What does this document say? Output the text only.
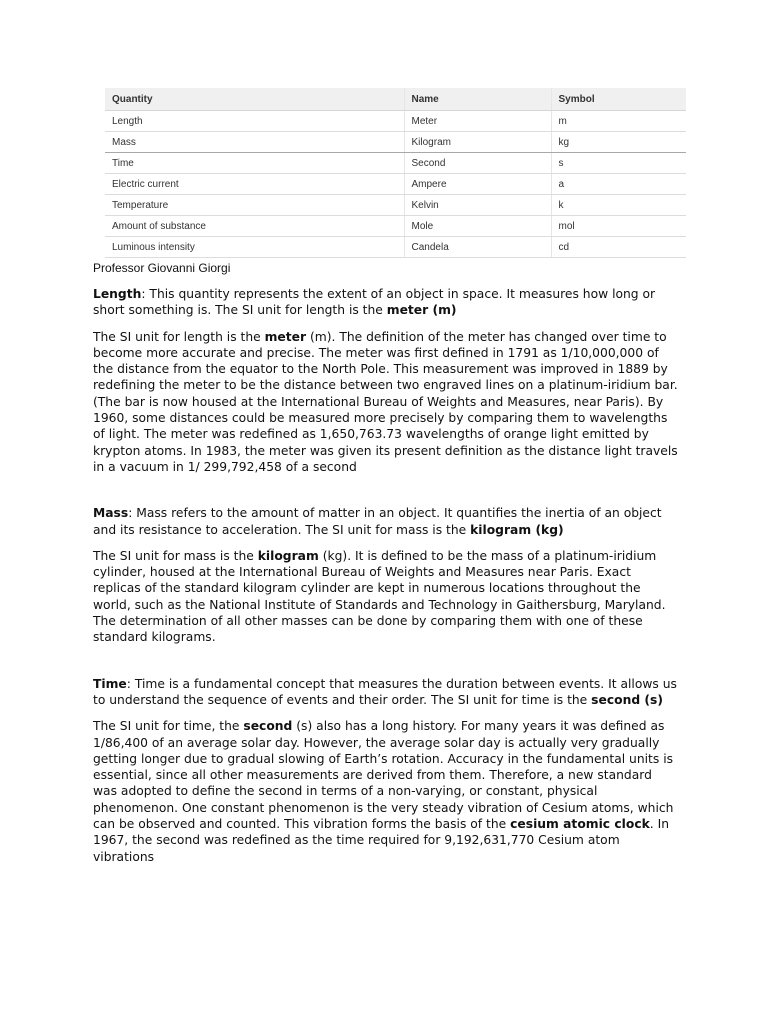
Quantity	Name	Symbol
Length	Meter	m
Mass	Kilogram	kg
Time	Second	s
Electric current	Ampere	a
Temperature	Kelvin	k
Amount of substance	Mole	mol
Luminous intensity	Candela	cd
Professor Giovanni Giorgi

Length: This quantity represents the extent of an object in space. It measures how long or short something is. The SI unit for length is the meter (m)

The SI unit for length is the meter (m). The definition of the meter has changed over time to become more accurate and precise. The meter was first defined in 1791 as 1/10,000,000 of the distance from the equator to the North Pole. This measurement was improved in 1889 by redefining the meter to be the distance between two engraved lines on a platinum-iridium bar. (The bar is now housed at the International Bureau of Weights and Measures, near Paris). By 1960, some distances could be measured more precisely by comparing them to wavelengths of light. The meter was redefined as 1,650,763.73 wavelengths of orange light emitted by krypton atoms. In 1983, the meter was given its present definition as the distance light travels in a vacuum in 1/ 299,792,458 of a second

Mass: Mass refers to the amount of matter in an object. It quantifies the inertia of an object and its resistance to acceleration. The SI unit for mass is the kilogram (kg)

The SI unit for mass is the kilogram (kg). It is defined to be the mass of a platinum-iridium cylinder, housed at the International Bureau of Weights and Measures near Paris. Exact replicas of the standard kilogram cylinder are kept in numerous locations throughout the world, such as the National Institute of Standards and Technology in Gaithersburg, Maryland. The determination of all other masses can be done by comparing them with one of these standard kilograms.

Time: Time is a fundamental concept that measures the duration between events. It allows us to understand the sequence of events and their order. The SI unit for time is the second (s)

The SI unit for time, the second (s) also has a long history. For many years it was defined as 1/86,400 of an average solar day. However, the average solar day is actually very gradually getting longer due to gradual slowing of Earth’s rotation. Accuracy in the fundamental units is essential, since all other measurements are derived from them. Therefore, a new standard was adopted to define the second in terms of a non-varying, or constant, physical phenomenon. One constant phenomenon is the very steady vibration of Cesium atoms, which can be observed and counted. This vibration forms the basis of the cesium atomic clock. In 1967, the second was redefined as the time required for 9,192,631,770 Cesium atom vibrations
